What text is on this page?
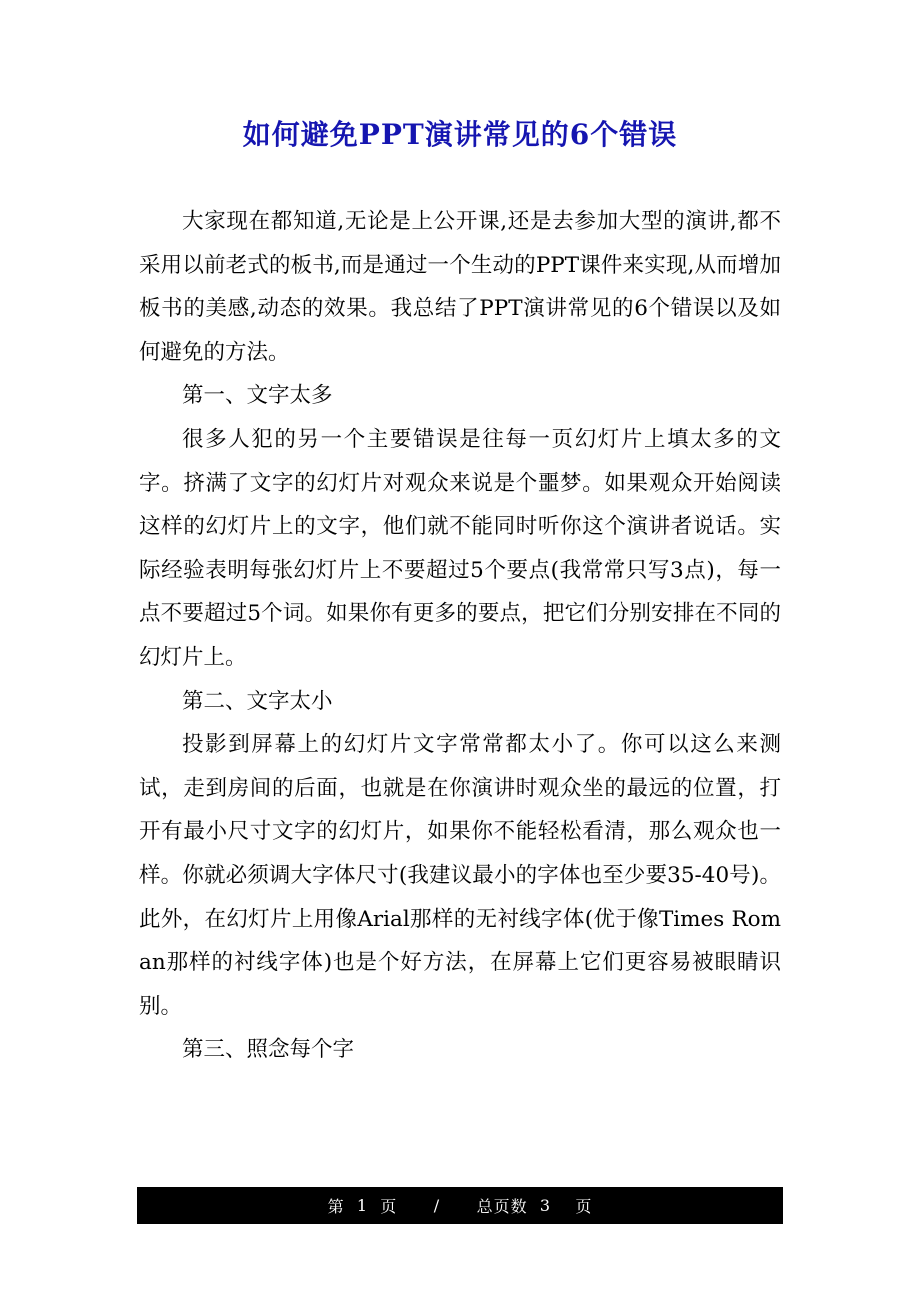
如何避免PPT演讲常见的6个错误

大家现在都知道,无论是上公开课,还是去参加大型的演讲,都不采用以前老式的板书,而是通过一个生动的PPT课件来实现,从而增加板书的美感,动态的效果。我总结了PPT演讲常见的6个错误以及如何避免的方法。

第一、文字太多

很多人犯的另一个主要错误是往每一页幻灯片上填太多的文字。挤满了文字的幻灯片对观众来说是个噩梦。如果观众开始阅读这样的幻灯片上的文字，他们就不能同时听你这个演讲者说话。实际经验表明每张幻灯片上不要超过5个要点(我常常只写3点)，每一点不要超过5个词。如果你有更多的要点，把它们分别安排在不同的幻灯片上。

第二、文字太小

投影到屏幕上的幻灯片文字常常都太小了。你可以这么来测试，走到房间的后面，也就是在你演讲时观众坐的最远的位置，打开有最小尺寸文字的幻灯片，如果你不能轻松看清，那么观众也一样。你就必须调大字体尺寸(我建议最小的字体也至少要35-40号)。此外，在幻灯片上用像Arial那样的无衬线字体(优于像Times Roman那样的衬线字体)也是个好方法，在屏幕上它们更容易被眼睛识别。

第三、照念每个字

第
1
页
/
总页数
3
页
